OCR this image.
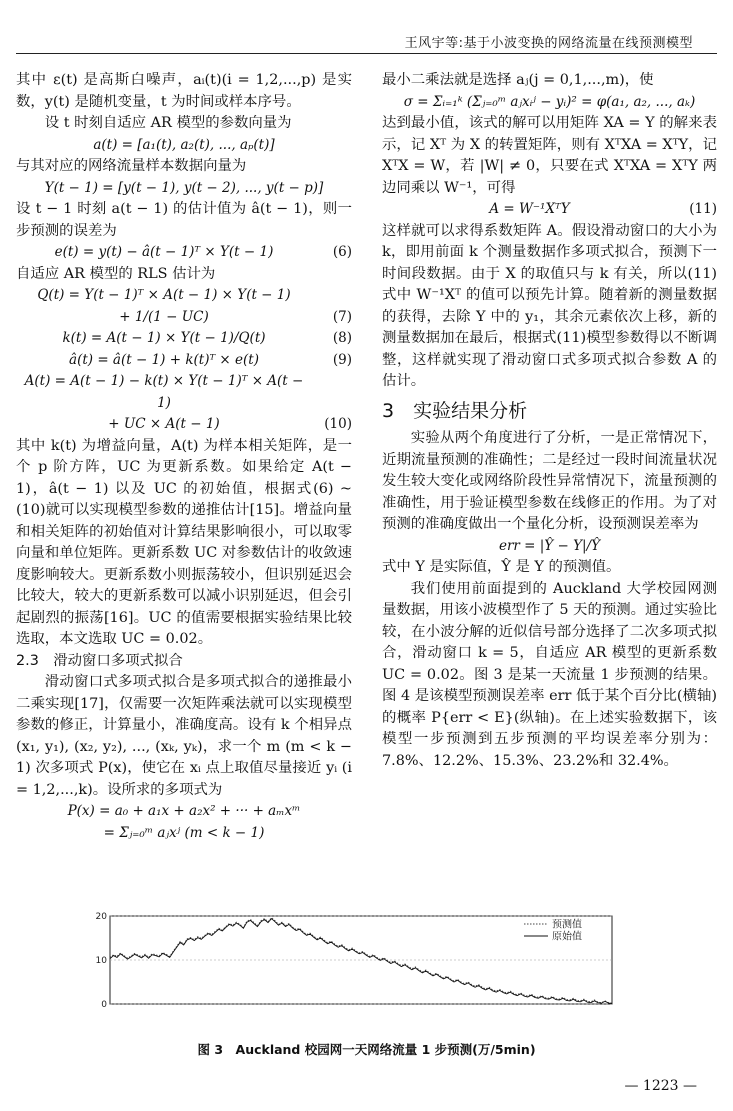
王风宇等:基于小波变换的网络流量在线预测模型

其中 ε(t) 是高斯白噪声，aᵢ(t)(i = 1,2,...,p) 是实数，y(t) 是随机变量，t 为时间或样本序号。

设 t 时刻自适应 AR 模型的参数向量为

a(t) = [a₁(t), a₂(t), ..., aₚ(t)]

与其对应的网络流量样本数据向量为

Y(t − 1) = [y(t − 1), y(t − 2), ..., y(t − p)]

设 t − 1 时刻 a(t − 1) 的估计值为 â(t − 1)，则一步预测的误差为

e(t) = y(t) − â(t − 1)ᵀ × Y(t − 1)	(6)

自适应 AR 模型的 RLS 估计为

Q(t) = Y(t − 1)ᵀ × A(t − 1) × Y(t − 1)
+ 1/(1 − UC)	(7)
k(t) = A(t − 1) × Y(t − 1)/Q(t)	(8)
â(t) = â(t − 1) + k(t)ᵀ × e(t)	(9)
A(t) = A(t − 1) − k(t) × Y(t − 1)ᵀ × A(t − 1)
+ UC × A(t − 1)	(10)

其中 k(t) 为增益向量，A(t) 为样本相关矩阵，是一个 p 阶方阵，UC 为更新系数。如果给定 A(t − 1)，â(t − 1) 以及 UC 的初始值，根据式(6) ~ (10)就可以实现模型参数的递推估计[15]。增益向量和相关矩阵的初始值对计算结果影响很小，可以取零向量和单位矩阵。更新系数 UC 对参数估计的收敛速度影响较大。更新系数小则振荡较小，但识别延迟会比较大，较大的更新系数可以减小识别延迟，但会引起剧烈的振荡[16]。UC 的值需要根据实验结果比较选取，本文选取 UC = 0.02。

2.3　滑动窗口多项式拟合

滑动窗口式多项式拟合是多项式拟合的递推最小二乘实现[17]，仅需要一次矩阵乘法就可以实现模型参数的修正，计算量小，准确度高。设有 k 个相异点(x₁, y₁), (x₂, y₂), ..., (xₖ, yₖ)，求一个 m (m < k − 1) 次多项式 P(x)，使它在 xᵢ 点上取值尽量接近 yᵢ (i = 1,2,...,k)。设所求的多项式为

P(x) = a₀ + a₁x + a₂x² + ··· + aₘxᵐ
= Σⱼ₌₀ᵐ aⱼxʲ (m < k − 1)

最小二乘法就是选择 aⱼ(j = 0,1,...,m)，使

σ = Σᵢ₌₁ᵏ (Σⱼ₌₀ᵐ aⱼxᵢʲ − yᵢ)² = φ(a₁, a₂, ..., aₖ)

达到最小值，该式的解可以用矩阵 XA = Y 的解来表示，记 Xᵀ 为 X 的转置矩阵，则有 XᵀXA = XᵀY，记 XᵀX = W，若 |W| ≠ 0，只要在式 XᵀXA = XᵀY 两边同乘以 W⁻¹，可得

A = W⁻¹XᵀY	(11)

这样就可以求得系数矩阵 A。假设滑动窗口的大小为 k，即用前面 k 个测量数据作多项式拟合，预测下一时间段数据。由于 X 的取值只与 k 有关，所以(11)式中 W⁻¹Xᵀ 的值可以预先计算。随着新的测量数据的获得，去除 Y 中的 y₁，其余元素依次上移，新的测量数据加在最后，根据式(11)模型参数得以不断调整，这样就实现了滑动窗口式多项式拟合参数 A 的估计。

3　实验结果分析

实验从两个角度进行了分析，一是正常情况下，近期流量预测的准确性；二是经过一段时间流量状况发生较大变化或网络阶段性异常情况下，流量预测的准确性，用于验证模型参数在线修正的作用。为了对预测的准确度做出一个量化分析，设预测误差率为

err = |Ŷ − Y|/Ŷ

式中 Y 是实际值，Ŷ 是 Y 的预测值。

我们使用前面提到的 Auckland 大学校园网测量数据，用该小波模型作了 5 天的预测。通过实验比较，在小波分解的近似信号部分选择了二次多项式拟合，滑动窗口 k = 5，自适应 AR 模型的更新系数 UC = 0.02。图 3 是某一天流量 1 步预测的结果。图 4 是该模型预测误差率 err 低于某个百分比(横轴)的概率 P{err < E}(纵轴)。在上述实验数据下，该模型一步预测到五步预测的平均误差率分别为：7.8%、12.2%、15.3%、23.2%和 32.4%。

0
10
20
预测值
原始值
图 3　Auckland 校园网一天网络流量 1 步预测(万/5min)
— 1223 —
